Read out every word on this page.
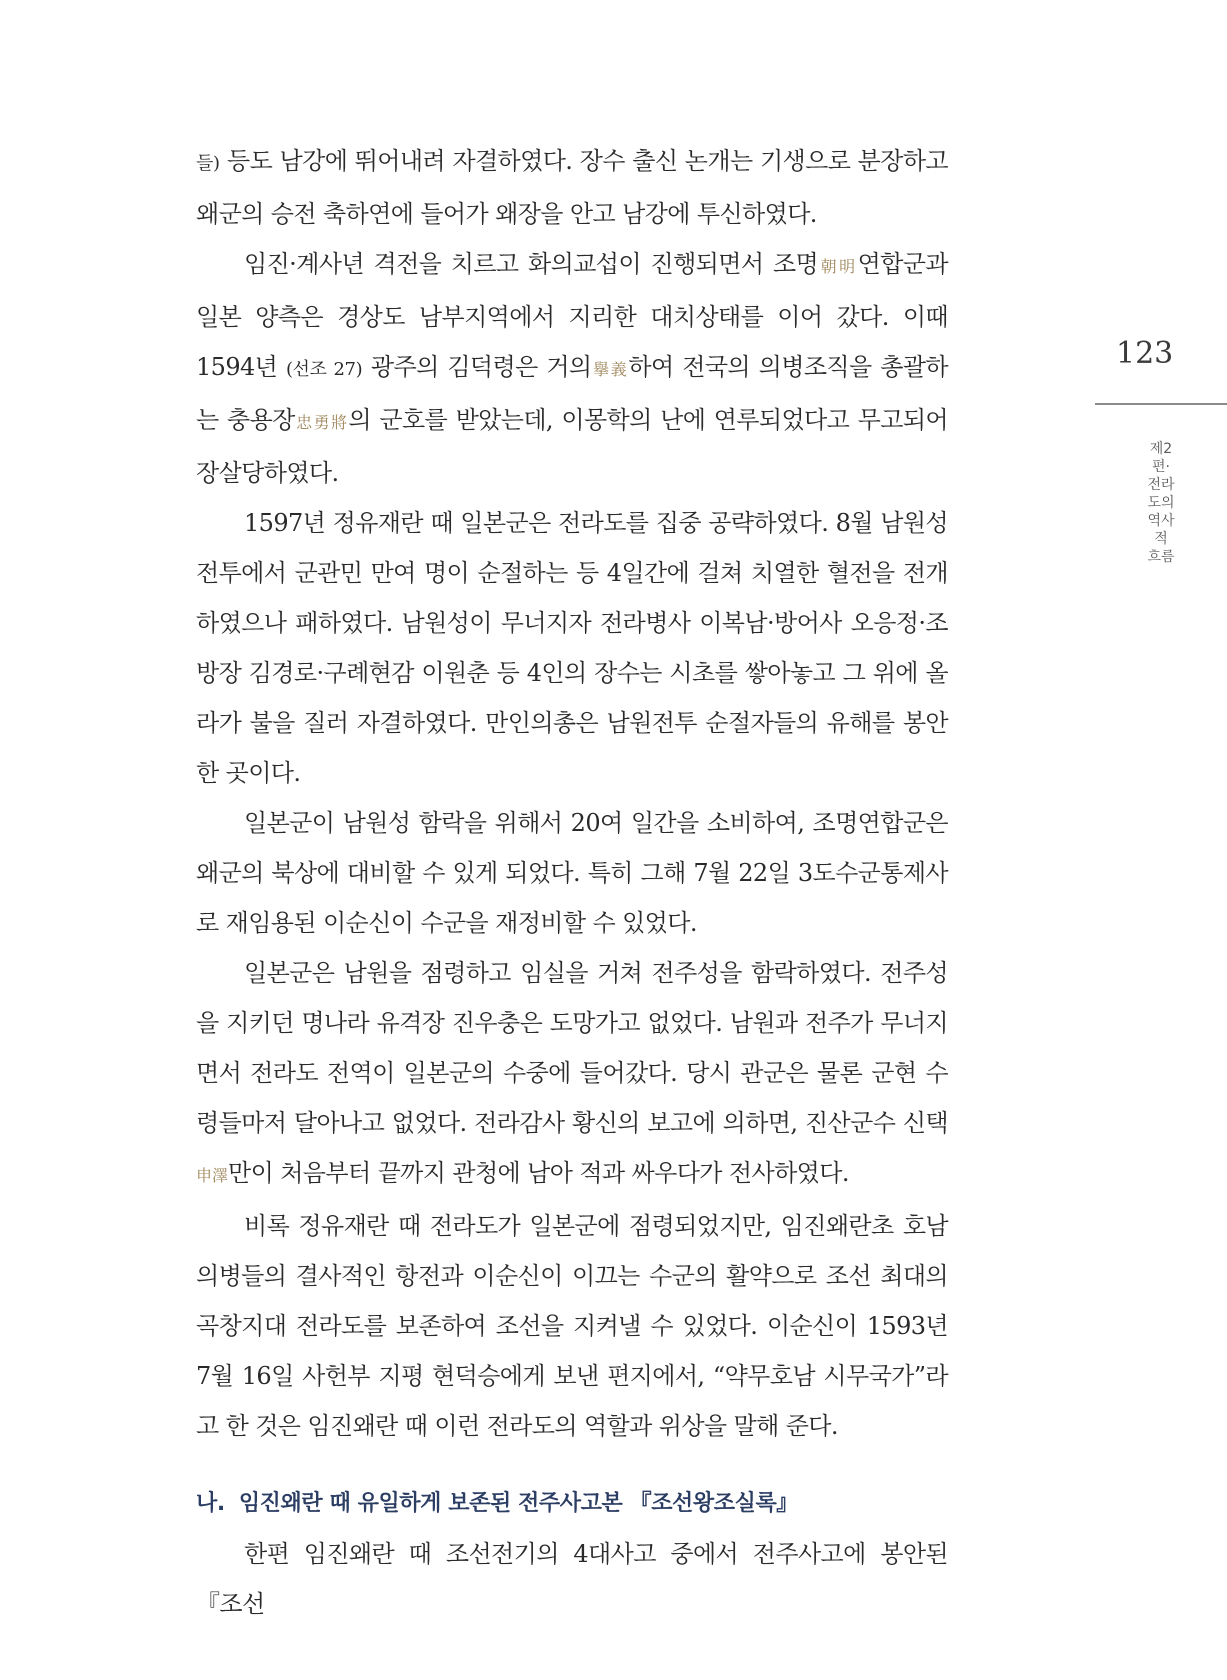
들) 등도 남강에 뛰어내려 자결하였다. 장수 출신 논개는 기생으로 분장하고 왜군의 승전 축하연에 들어가 왜장을 안고 남강에 투신하였다.

임진·계사년 격전을 치르고 화의교섭이 진행되면서 조명朝明연합군과 일본 양측은 경상도 남부지역에서 지리한 대치상태를 이어 갔다. 이때 1594년 (선조 27) 광주의 김덕령은 거의擧義하여 전국의 의병조직을 총괄하는 충용장忠勇將의 군호를 받았는데, 이몽학의 난에 연루되었다고 무고되어 장살당하였다.

1597년 정유재란 때 일본군은 전라도를 집중 공략하였다. 8월 남원성전투에서 군관민 만여 명이 순절하는 등 4일간에 걸쳐 치열한 혈전을 전개하였으나 패하였다. 남원성이 무너지자 전라병사 이복남·방어사 오응정·조방장 김경로·구례현감 이원춘 등 4인의 장수는 시초를 쌓아놓고 그 위에 올라가 불을 질러 자결하였다. 만인의총은 남원전투 순절자들의 유해를 봉안한 곳이다.

일본군이 남원성 함락을 위해서 20여 일간을 소비하여, 조명연합군은 왜군의 북상에 대비할 수 있게 되었다. 특히 그해 7월 22일 3도수군통제사로 재임용된 이순신이 수군을 재정비할 수 있었다.

일본군은 남원을 점령하고 임실을 거쳐 전주성을 함락하였다. 전주성을 지키던 명나라 유격장 진우충은 도망가고 없었다. 남원과 전주가 무너지면서 전라도 전역이 일본군의 수중에 들어갔다. 당시 관군은 물론 군현 수령들마저 달아나고 없었다. 전라감사 황신의 보고에 의하면, 진산군수 신택申澤만이 처음부터 끝까지 관청에 남아 적과 싸우다가 전사하였다.

비록 정유재란 때 전라도가 일본군에 점령되었지만, 임진왜란초 호남 의병들의 결사적인 항전과 이순신이 이끄는 수군의 활약으로 조선 최대의 곡창지대 전라도를 보존하여 조선을 지켜낼 수 있었다. 이순신이 1593년 7월 16일 사헌부 지평 현덕승에게 보낸 편지에서, “약무호남 시무국가”라고 한 것은 임진왜란 때 이런 전라도의 역할과 위상을 말해 준다.

나. 임진왜란 때 유일하게 보존된 전주사고본 『조선왕조실록』

한편 임진왜란 때 조선전기의 4대사고 중에서 전주사고에 봉안된 『조선

123
제2편·전라도의 역사적 흐름
